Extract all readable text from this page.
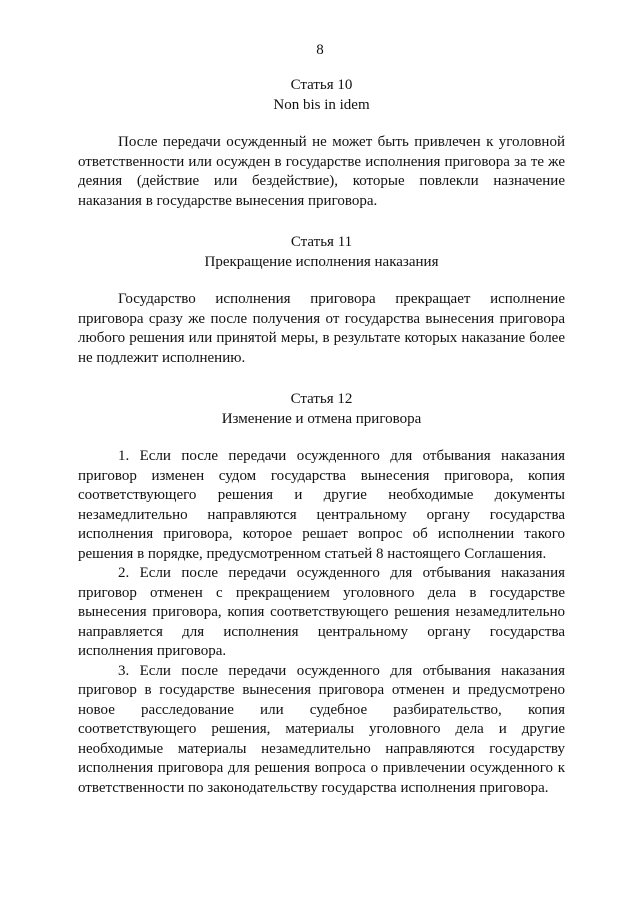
8
Статья 10
Non bis in idem

После передачи осужденный не может быть привлечен к уголовной ответственности или осужден в государстве исполнения приговора за те же деяния (действие или бездействие), которые повлекли назначение наказания в государстве вынесения приговора.

Статья 11
Прекращение исполнения наказания

Государство исполнения приговора прекращает исполнение приговора сразу же после получения от государства вынесения приговора любого решения или принятой меры, в результате которых наказание более не подлежит исполнению.

Статья 12
Изменение и отмена приговора

1. Если после передачи осужденного для отбывания наказания приговор изменен судом государства вынесения приговора, копия соответствующего решения и другие необходимые документы незамедлительно направляются центральному органу государства исполнения приговора, которое решает вопрос об исполнении такого решения в порядке, предусмотренном статьей 8 настоящего Соглашения.

2. Если после передачи осужденного для отбывания наказания приговор отменен с прекращением уголовного дела в государстве вынесения приговора, копия соответствующего решения незамедлительно направляется для исполнения центральному органу государства исполнения приговора.

3. Если после передачи осужденного для отбывания наказания приговор в государстве вынесения приговора отменен и предусмотрено новое расследование или судебное разбирательство, копия соответствующего решения, материалы уголовного дела и другие необходимые материалы незамедлительно направляются государству исполнения приговора для решения вопроса о привлечении осужденного к ответственности по законодательству государства исполнения приговора.
